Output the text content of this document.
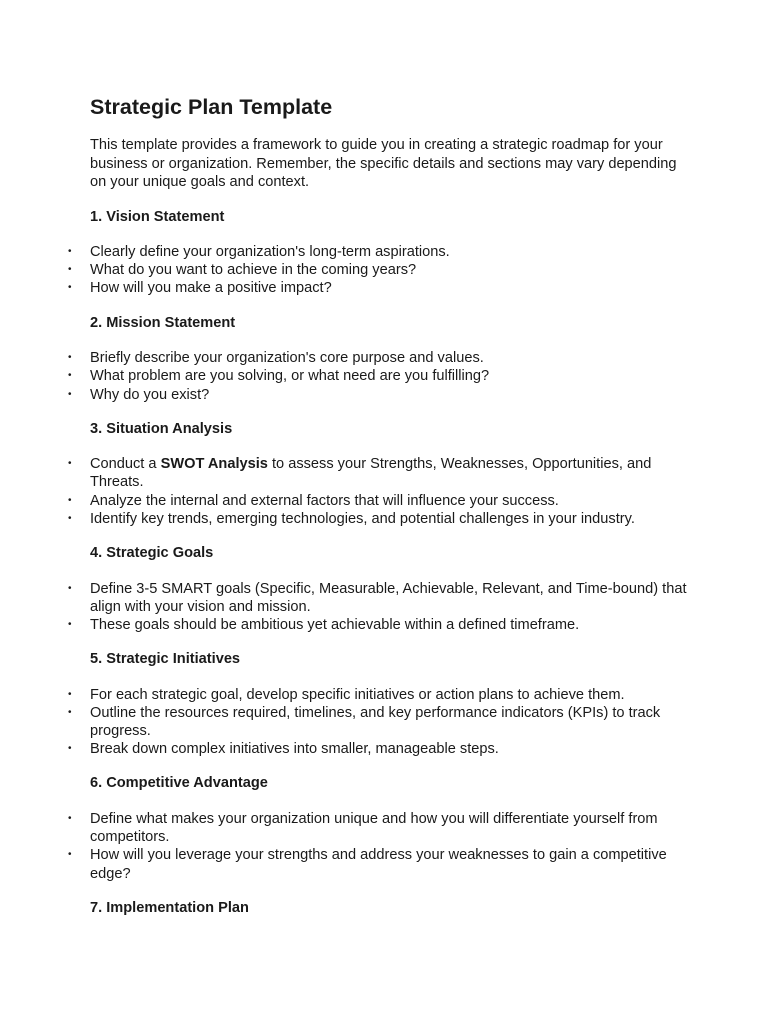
Strategic Plan Template

This template provides a framework to guide you in creating a strategic roadmap for your business or organization. Remember, the specific details and sections may vary depending on your unique goals and context.

1. Vision Statement
• Clearly define your organization's long-term aspirations.
• What do you want to achieve in the coming years?
• How will you make a positive impact?
2. Mission Statement
• Briefly describe your organization's core purpose and values.
• What problem are you solving, or what need are you fulfilling?
• Why do you exist?
3. Situation Analysis
• Conduct a SWOT Analysis to assess your Strengths, Weaknesses, Opportunities, and Threats.
• Analyze the internal and external factors that will influence your success.
• Identify key trends, emerging technologies, and potential challenges in your industry.
4. Strategic Goals
• Define 3-5 SMART goals (Specific, Measurable, Achievable, Relevant, and Time-bound) that align with your vision and mission.
• These goals should be ambitious yet achievable within a defined timeframe.
5. Strategic Initiatives
• For each strategic goal, develop specific initiatives or action plans to achieve them.
• Outline the resources required, timelines, and key performance indicators (KPIs) to track progress.
• Break down complex initiatives into smaller, manageable steps.
6. Competitive Advantage
• Define what makes your organization unique and how you will differentiate yourself from competitors.
• How will you leverage your strengths and address your weaknesses to gain a competitive edge?
7. Implementation Plan
